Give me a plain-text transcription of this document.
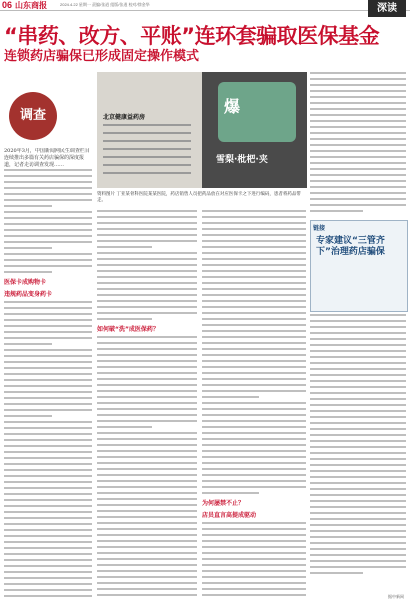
06 山东商报	2024.4.22 星期一 责编/张逍 组版/张逍 校对/徐金华	深读
“串药、改方、平账”连环套骗取医保基金
连锁药店骗保已形成固定操作模式
调查
2020年3月，中国新闻网民生调查栏目连续推出多篇有关药店骗保的深度报道，记者走访调查发现……
医保卡成购物卡
违规药品变身药卡
北京健康益药房
爆
雪梨·枇杷·夹
资料图片 丁亚某骨科医院某某医院，药店销售人员把药品放在对应医保卡之下进行编码，患者将药品带走。
如何破“洗”成医保药？
为何屡禁不止？
店员直言高提成驱动
链接
专家建议“三管齐下”治理药店骗保
据中新网
